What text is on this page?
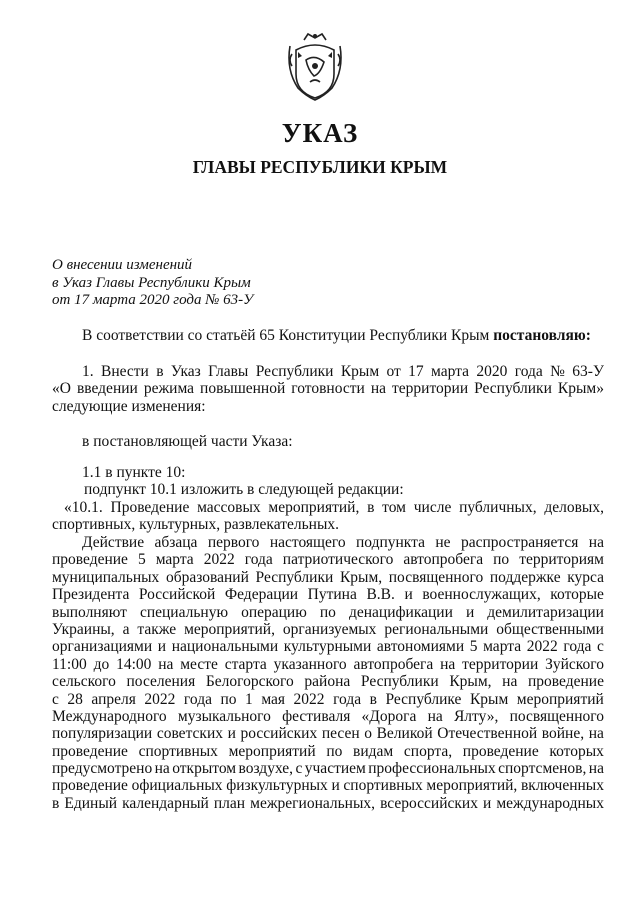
УКАЗ
ГЛАВЫ РЕСПУБЛИКИ КРЫМ
О внесении изменений
в Указ Главы Республики Крым
от 17 марта 2020 года № 63-У
В соответствии со статьёй 65 Конституции Республики Крым постановляю:
1. Внести в Указ Главы Республики Крым от 17 марта 2020 года № 63-У
«О введении режима повышенной готовности на территории Республики Крым»
следующие изменения:
в постановляющей части Указа:
1.1 в пункте 10:
подпункт 10.1 изложить в следующей редакции:
«10.1. Проведение массовых мероприятий, в том числе публичных, деловых,
спортивных, культурных, развлекательных.
Действие абзаца первого настоящего подпункта не распространяется на
проведение 5 марта 2022 года патриотического автопробега по территориям
муниципальных образований Республики Крым, посвященного поддержке курса
Президента Российской Федерации Путина В.В. и военнослужащих, которые
выполняют специальную операцию по денацификации и демилитаризации
Украины, а также мероприятий, организуемых региональными общественными
организациями и национальными культурными автономиями 5 марта 2022 года с
11:00 до 14:00 на месте старта указанного автопробега на территории Зуйского
сельского поселения Белогорского района Республики Крым, на проведение
с 28 апреля 2022 года по 1 мая 2022 года в Республике Крым мероприятий
Международного музыкального фестиваля «Дорога на Ялту», посвященного
популяризации советских и российских песен о Великой Отечественной войне, на
проведение спортивных мероприятий по видам спорта, проведение которых
предусмотрено на открытом воздухе, с участием профессиональных спортсменов, на
проведение официальных физкультурных и спортивных мероприятий, включенных
в Единый календарный план межрегиональных, всероссийских и международных
